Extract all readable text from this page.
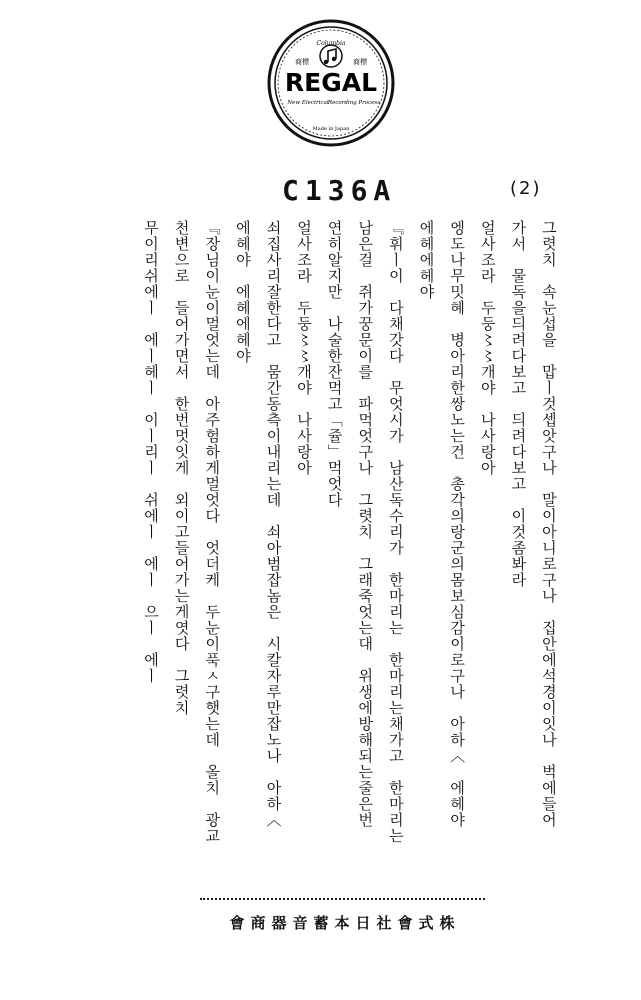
Columbia
商標	商標
REGAL
New Electrical Recording Process
Made in Japan
C136A	(2)
그렷치　속눈섭을　맙ㅣ것셉앗구나　말이아니로구나　집안에석경이잇나　벅에들어
가서　물독을듸려다보고　듸려다보고　이것좀봐라
얼사조라　두둥〻〻개야　나사랑아
엥도나무밋혜　병아리한쌍노는건　총각의랑군의몸보심감이로구나　아하〈　에헤야
에헤에헤야
『휘ㅣ이　다채갓다　무엇시가　남산독수리가　한마리는　한마리는채가고　한마리는
남은걸　쥐가꿍문이를　파먹엇구나　그렷치　그래죽엇는대　위생에방해되는줄은번
연히알지만　나술한잔먹고「쥴」먹엇다
얼사조라　두둥〻〻개야　나사랑아
쇠집사리잘한다고　뭄간동측이내리는데　쇠아범잡놈은　시칼자루만잡노나　아하〈
에헤야　에헤에헤야
『장님이눈이멀엇는데　아주험하게멀엇다　엇더케　두눈이푹ㅅ구햇는데　올치　광교
천변으로　들어가면서　한번멋잇게　외이고들어가는게엿다　그렷치
무이리쉬에ㅣ　에ㅣ헤ㅣ　이ㅣ리ㅣ　쉬에ㅣ　에ㅣ　으ㅣ　에ㅣ
株式會社日本蓄音器商會
